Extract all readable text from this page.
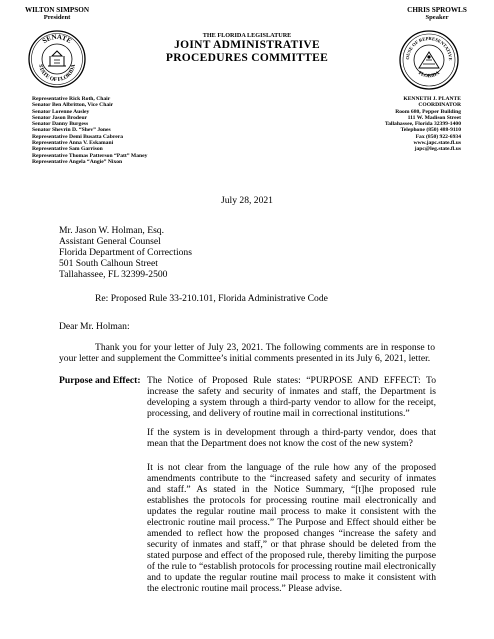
WILTON SIMPSON
President
CHRIS SPROWLS
Speaker
SENATE
STATE OF FLORIDA
OUSE OF REPRESENTATIVE
FLORIDA
THE FLORIDA LEGISLATURE
JOINT ADMINISTRATIVE
PROCEDURES COMMITTEE
Representative Rick Roth, Chair
Senator Ben Albritton, Vice Chair
Senator Lorenne Ausley
Senator Jason Brodeur
Senator Danny Burgess
Senator Shevrin D. “Shev” Jones
Representative Demi Busatta Cabrera
Representative Anna V. Eskamani
Representative Sam Garrison
Representative Thomas Patterson “Patt” Maney
Representative Angela “Angie” Nixon
KENNETH J. PLANTE
COORDINATOR
Room 680, Pepper Building
111 W. Madison Street
Tallahassee, Florida 32399-1400
Telephone (850) 488-9110
Fax (850) 922-6934
www.japc.state.fl.us
japc@leg.state.fl.us
July 28, 2021
Mr. Jason W. Holman, Esq.
Assistant General Counsel
Florida Department of Corrections
501 South Calhoun Street
Tallahassee, FL 32399-2500
Re: Proposed Rule 33-210.101, Florida Administrative Code
Dear Mr. Holman:
Thank you for your letter of July 23, 2021. The following comments are in response to your letter and supplement the Committee’s initial comments presented in its July 6, 2021, letter.
Purpose and Effect: The Notice of Proposed Rule states: “PURPOSE AND EFFECT: To increase the safety and security of inmates and staff, the Department is developing a system through a third-party vendor to allow for the receipt, processing, and delivery of routine mail in correctional institutions.”
If the system is in development through a third-party vendor, does that mean that the Department does not know the cost of the new system?
It is not clear from the language of the rule how any of the proposed amendments contribute to the “increased safety and security of inmates and staff.” As stated in the Notice Summary, “[t]he proposed rule establishes the protocols for processing routine mail electronically and updates the regular routine mail process to make it consistent with the electronic routine mail process.” The Purpose and Effect should either be amended to reflect how the proposed changes “increase the safety and security of inmates and staff,” or that phrase should be deleted from the stated purpose and effect of the proposed rule, thereby limiting the purpose of the rule to “establish protocols for processing routine mail electronically and to update the regular routine mail process to make it consistent with the electronic routine mail process.” Please advise.
